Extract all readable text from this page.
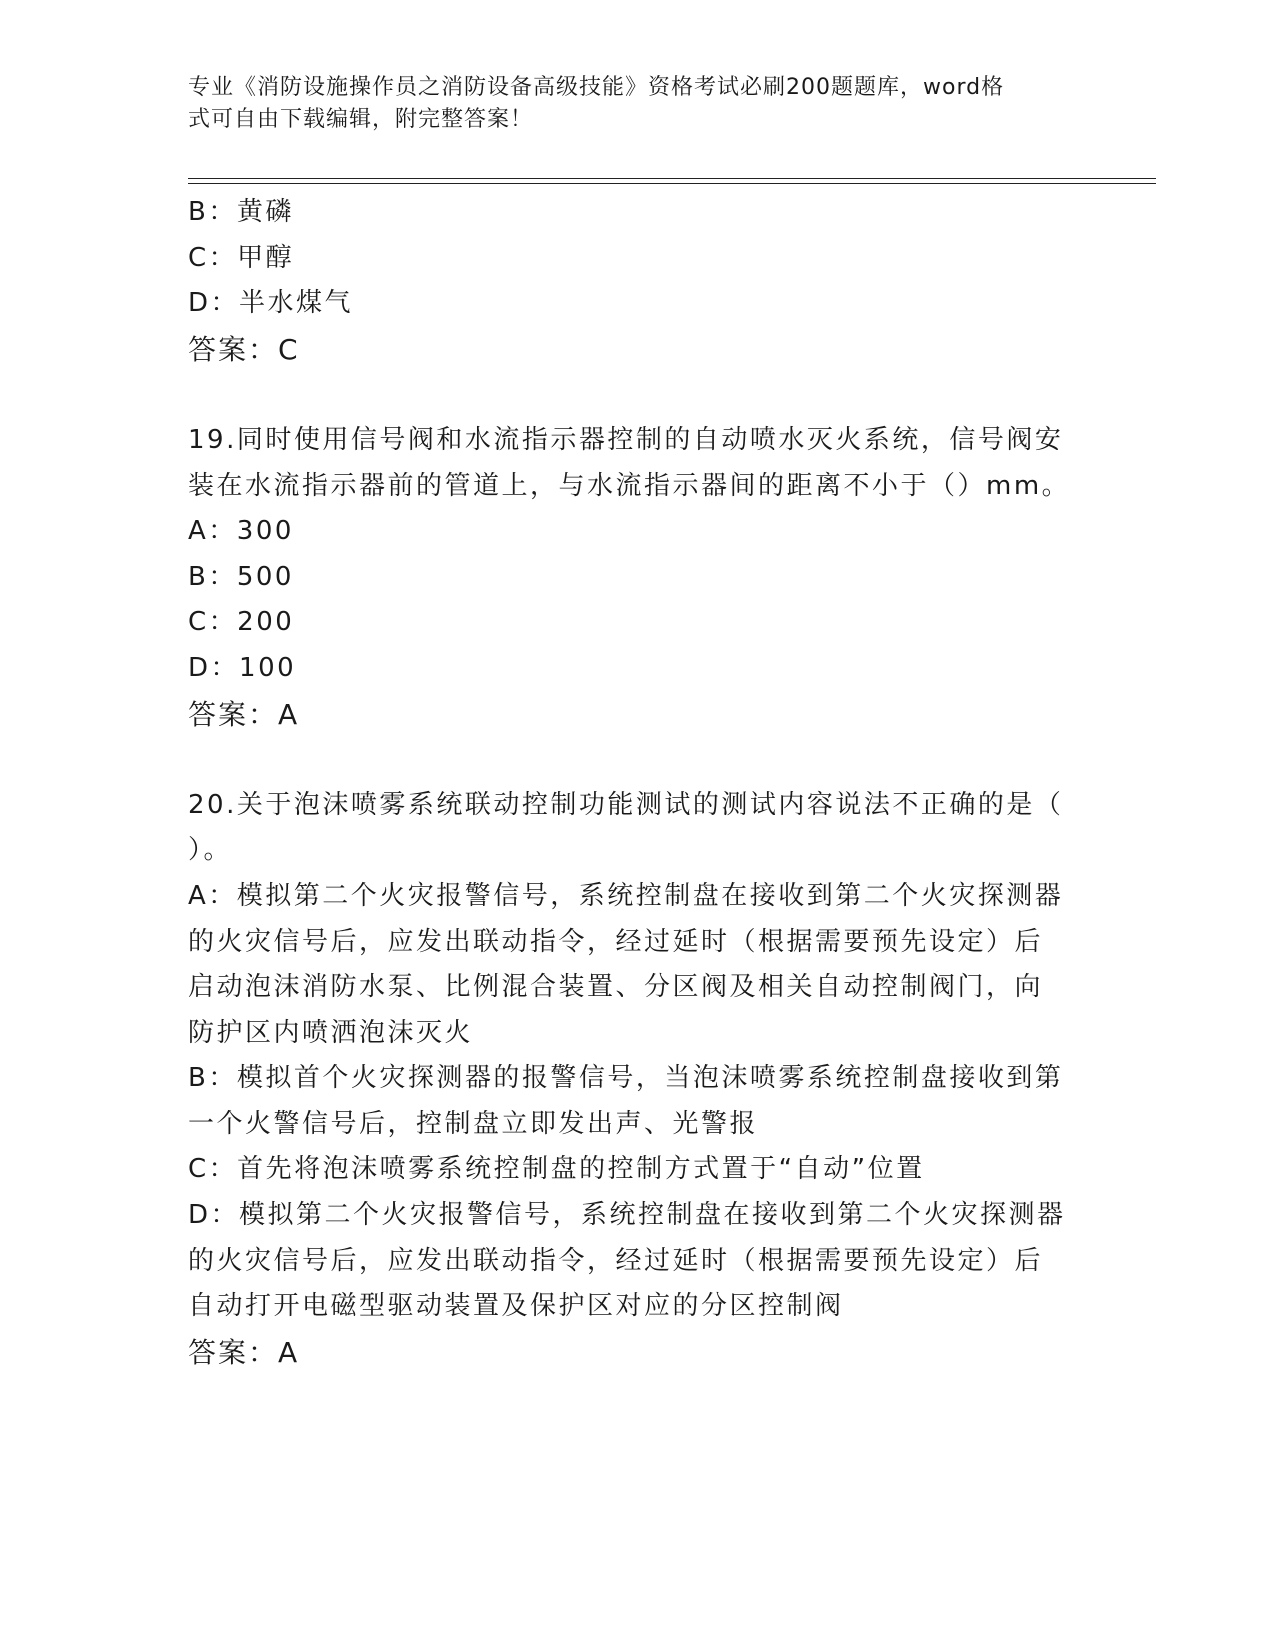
专业《消防设施操作员之消防设备高级技能》资格考试必刷200题题库，word格
式可自由下载编辑，附完整答案！
B：黄磷
C：甲醇
D：半水煤气
答案：C
19.同时使用信号阀和水流指示器控制的自动喷水灭火系统，信号阀安
装在水流指示器前的管道上，与水流指示器间的距离不小于（）mm。
A：300
B：500
C：200
D：100
答案：A
20.关于泡沫喷雾系统联动控制功能测试的测试内容说法不正确的是（
）。
A：模拟第二个火灾报警信号，系统控制盘在接收到第二个火灾探测器
的火灾信号后，应发出联动指令，经过延时（根据需要预先设定）后
启动泡沫消防水泵、比例混合装置、分区阀及相关自动控制阀门，向
防护区内喷洒泡沫灭火
B：模拟首个火灾探测器的报警信号，当泡沫喷雾系统控制盘接收到第
一个火警信号后，控制盘立即发出声、光警报
C：首先将泡沫喷雾系统控制盘的控制方式置于“自动”位置
D：模拟第二个火灾报警信号，系统控制盘在接收到第二个火灾探测器
的火灾信号后，应发出联动指令，经过延时（根据需要预先设定）后
自动打开电磁型驱动装置及保护区对应的分区控制阀
答案：A
